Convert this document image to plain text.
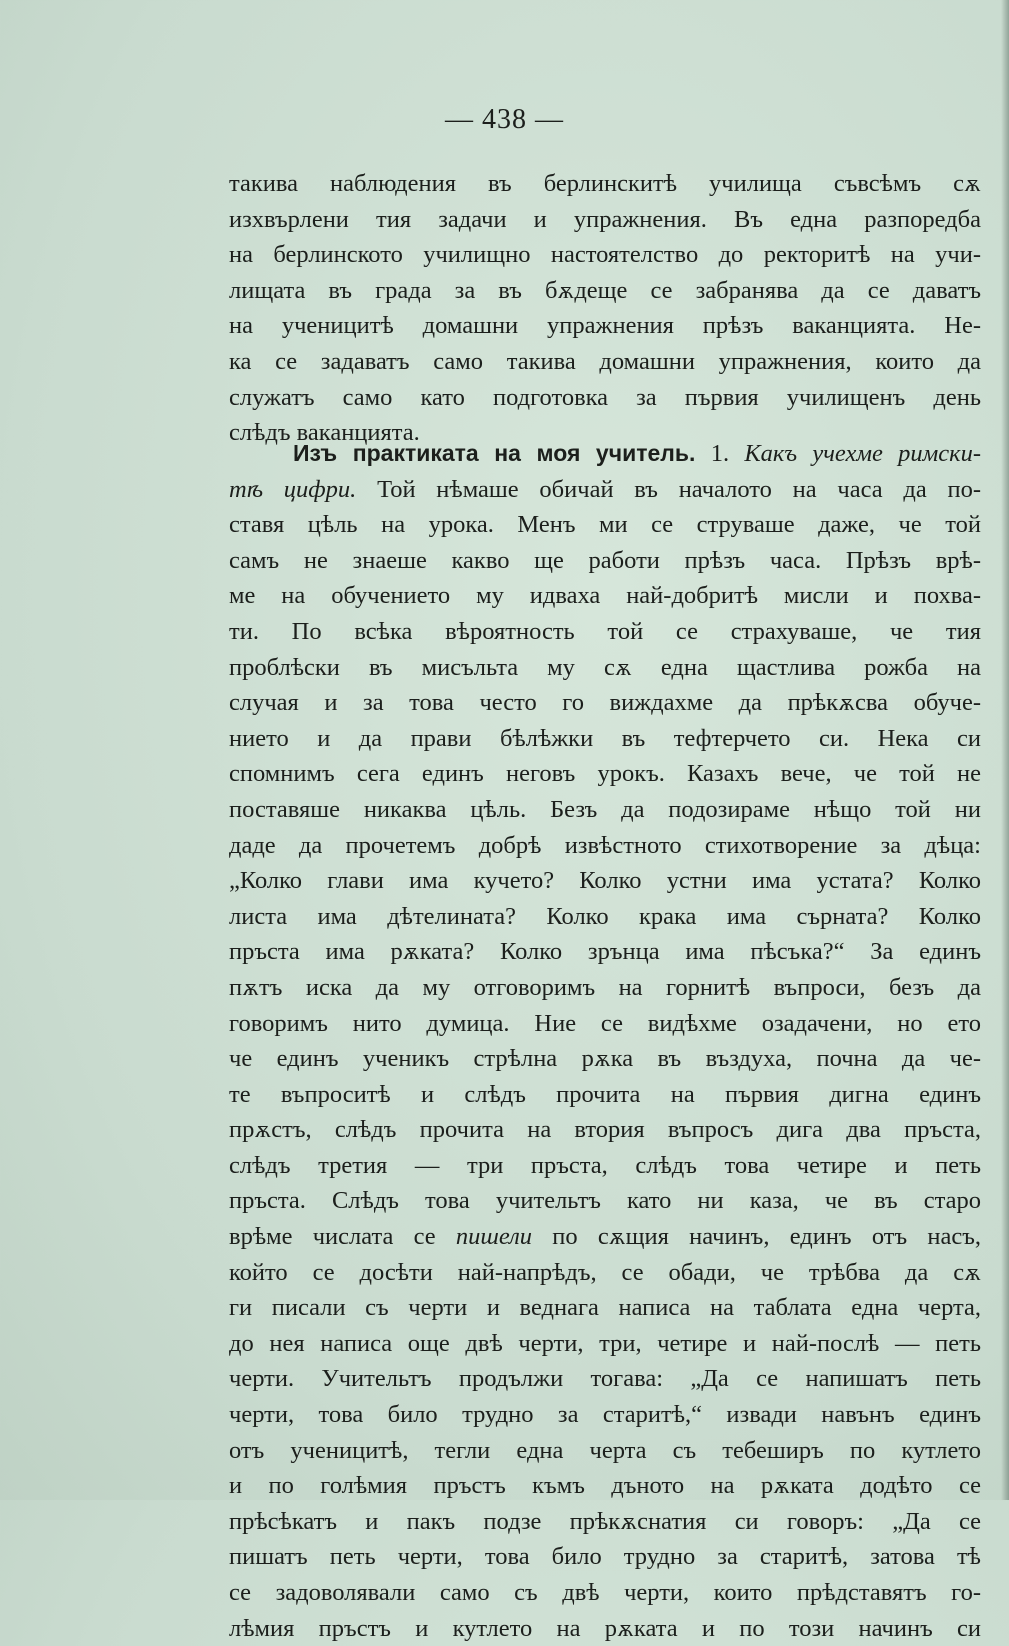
— 438 —
такива наблюдения въ берлинскитѣ училища съвсѣмъ сѫ
изхвърлени тия задачи и упражнения. Въ една разпоредба
на берлинското училищно настоятелство до ректоритѣ на учи-
лищата въ града за въ бѫдеще се забранява да се даватъ
на ученицитѣ домашни упражнения прѣзъ ваканцията. Не-
ка се задаватъ само такива домашни упражнения, които да
служатъ само като подготовка за първия училищенъ день
слѣдъ ваканцията.
Изъ практиката на моя учитель. 1. Какъ учехме римски-
тѣ цифри. Той нѣмаше обичай въ началото на часа да по-
ставя цѣль на урока. Менъ ми се струваше даже, че той
самъ не знаеше какво ще работи прѣзъ часа. Прѣзъ врѣ-
ме на обучението му идваха най-добритѣ мисли и похва-
ти. По всѣка вѣроятность той се страхуваше, че тия
проблѣски въ мисъльта му сѫ една щастлива рожба на
случая и за това често го виждахме да прѣкѫсва обуче-
нието и да прави бѣлѣжки въ тефтерчето си. Нека си
спомнимъ сега единъ неговъ урокъ. Казахъ вече, че той не
поставяше никаква цѣль. Безъ да подозираме нѣщо той ни
даде да прочетемъ добрѣ извѣстното стихотворение за дѣца:
„Колко глави има кучето? Колко устни има устата? Колко
листа има дѣтелината? Колко крака има сърната? Колко
пръста има рѫката? Колко зрънца има пѣсъка?“ За единъ
пѫтъ иска да му отговоримъ на горнитѣ въпроси, безъ да
говоримъ нито думица. Ние се видѣхме озадачени, но ето
че единъ ученикъ стрѣлна рѫка въ въздуха, почна да че-
те въпроситѣ и слѣдъ прочита на първия дигна единъ
прѫстъ, слѣдъ прочита на втория въпросъ дига два пръста,
слѣдъ третия — три пръста, слѣдъ това четире и петь
пръста. Слѣдъ това учительтъ като ни каза, че въ старо
врѣме числата се пишели по сѫщия начинъ, единъ отъ насъ,
който се досѣти най-напрѣдъ, се обади, че трѣбва да сѫ
ги писали съ черти и веднага написа на таблата една черта,
до нея написа още двѣ черти, три, четире и най-послѣ — петь
черти. Учительтъ продължи тогава: „Да се напишатъ петь
черти, това било трудно за старитѣ,“ извади навънъ единъ
отъ ученицитѣ, тегли една черта съ тебеширъ по кутлето
и по голѣмия пръстъ къмъ дъното на рѫката додѣто се
прѣсѣкатъ и пакъ подзе прѣкѫснатия си говоръ: „Да се
пишатъ петь черти, това било трудно за старитѣ, затова тѣ
се задоволявали само съ двѣ черти, които прѣдставятъ го-
лѣмия пръстъ и кутлето на рѫката и по този начинъ си
